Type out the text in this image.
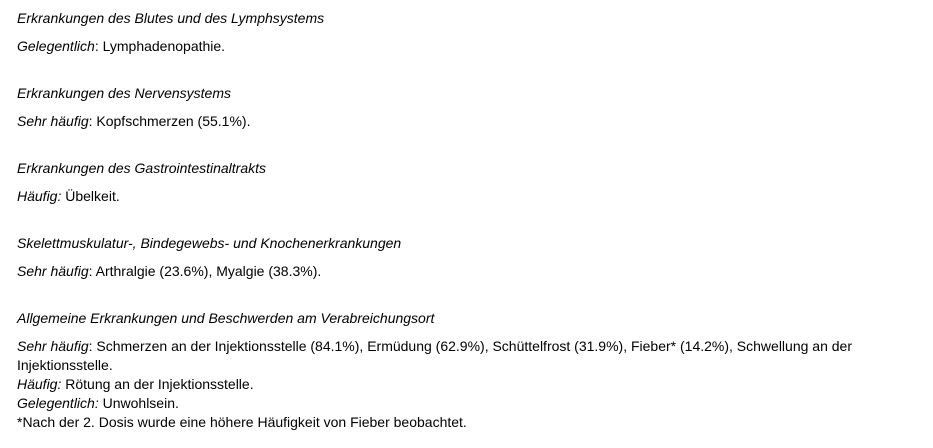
Erkrankungen des Blutes und des Lymphsystems

Gelegentlich: Lymphadenopathie.

Erkrankungen des Nervensystems

Sehr häufig: Kopfschmerzen (55.1%).

Erkrankungen des Gastrointestinaltrakts

Häufig: Übelkeit.

Skelettmuskulatur-, Bindegewebs- und Knochenerkrankungen

Sehr häufig: Arthralgie (23.6%), Myalgie (38.3%).

Allgemeine Erkrankungen und Beschwerden am Verabreichungsort

Sehr häufig: Schmerzen an der Injektionsstelle (84.1%), Ermüdung (62.9%), Schüttelfrost (31.9%), Fieber* (14.2%), Schwellung an der Injektionsstelle.

Häufig: Rötung an der Injektionsstelle.

Gelegentlich: Unwohlsein.

*Nach der 2. Dosis wurde eine höhere Häufigkeit von Fieber beobachtet.
